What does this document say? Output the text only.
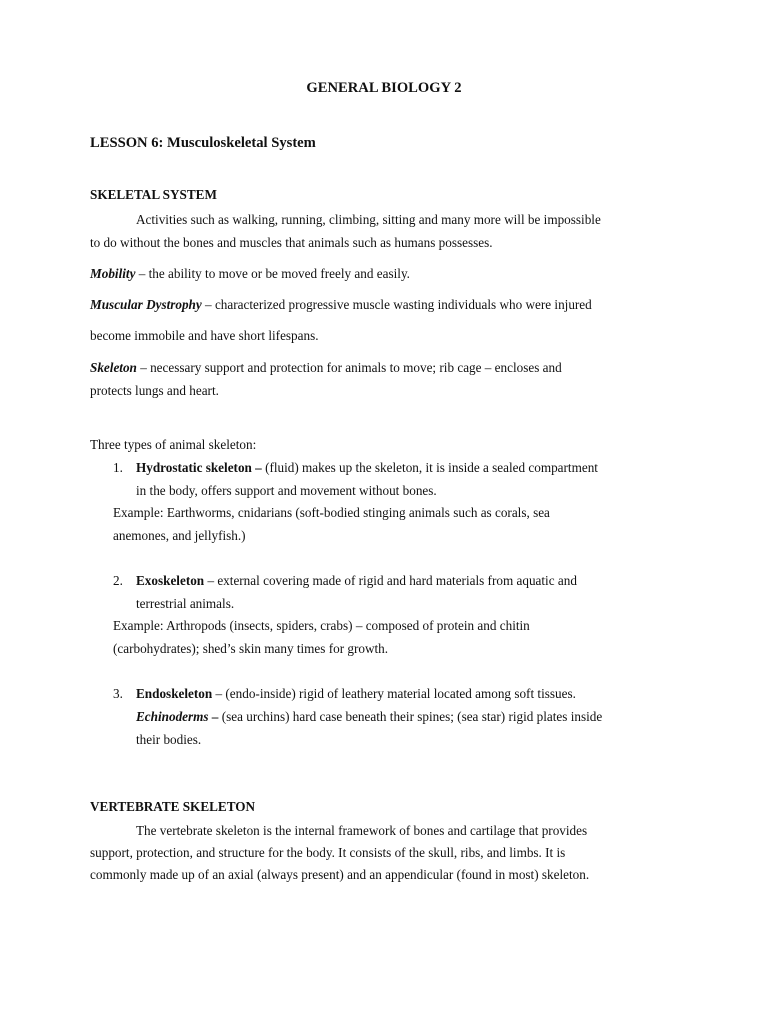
GENERAL BIOLOGY 2
LESSON 6: Musculoskeletal System
SKELETAL SYSTEM
Activities such as walking, running, climbing, sitting and many more will be impossible
to do without the bones and muscles that animals such as humans possesses.
Mobility – the ability to move or be moved freely and easily.
Muscular Dystrophy – characterized progressive muscle wasting individuals who were injured
become immobile and have short lifespans.
Skeleton – necessary support and protection for animals to move; rib cage – encloses and
protects lungs and heart.
Three types of animal skeleton:
1. Hydrostatic skeleton – (fluid) makes up the skeleton, it is inside a sealed compartment
in the body, offers support and movement without bones.
Example: Earthworms, cnidarians (soft-bodied stinging animals such as corals, sea
anemones, and jellyfish.)
2. Exoskeleton – external covering made of rigid and hard materials from aquatic and
terrestrial animals.
Example: Arthropods (insects, spiders, crabs) – composed of protein and chitin
(carbohydrates); shed’s skin many times for growth.
3. Endoskeleton – (endo-inside) rigid of leathery material located among soft tissues.
Echinoderms – (sea urchins) hard case beneath their spines; (sea star) rigid plates inside
their bodies.
VERTEBRATE SKELETON
The vertebrate skeleton is the internal framework of bones and cartilage that provides
support, protection, and structure for the body. It consists of the skull, ribs, and limbs. It is
commonly made up of an axial (always present) and an appendicular (found in most) skeleton.
